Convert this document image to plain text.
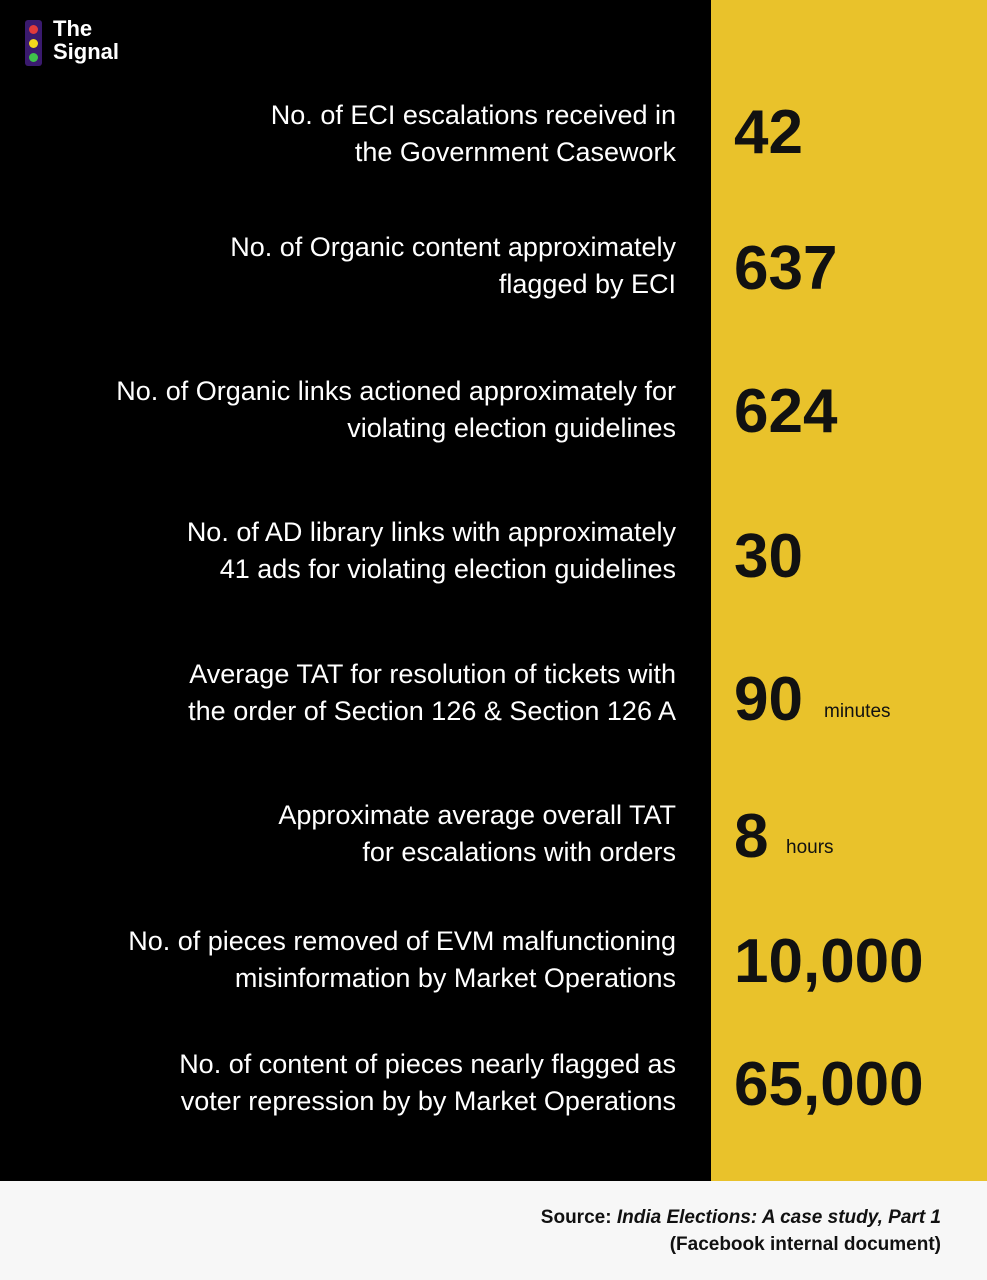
The
Signal
No. of ECI escalations received in
the Government Casework 42
No. of Organic content approximately
flagged by ECI 637
No. of Organic links actioned approximately for
violating election guidelines 624
No. of AD library links with approximately
41 ads for violating election guidelines 30
Average TAT for resolution of tickets with
the order of Section 126 & Section 126 A 90 minutes
Approximate average overall TAT
for escalations with orders 8 hours
No. of pieces removed of EVM malfunctioning
misinformation by Market Operations 10,000
No. of content of pieces nearly flagged as
voter repression by by Market Operations 65,000
Source: India Elections: A case study, Part 1
(Facebook internal document)
